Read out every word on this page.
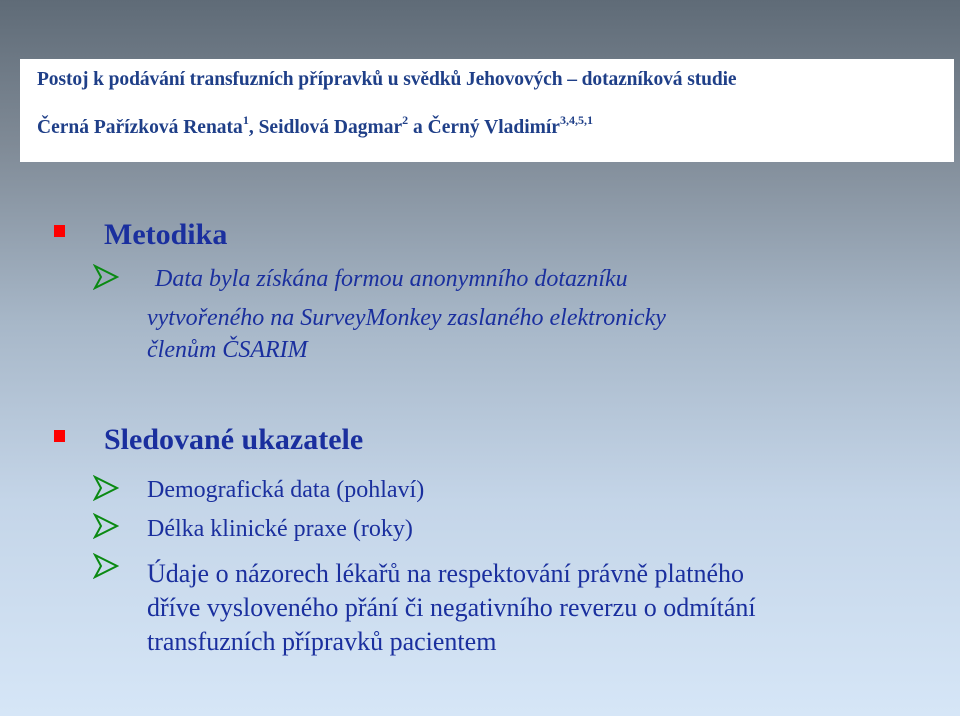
Postoj k podávání transfuzních přípravků u svědků Jehovových – dotazníková studie
Černá Pařízková Renata$^1$, Seidlová Dagmar$^2$ a Černý Vladimír$^{3,4,5,1}$
Metodika
Data byla získána formou anonymního dotazníku
vytvořeného na SurveyMonkey zaslaného elektronicky
členům ČSARIM
Sledované ukazatele
Demografická data (pohlaví)
Délka klinické praxe (roky)
Údaje o názorech lékařů na respektování právně platného
dříve vysloveného přání či negativního reverzu o odmítání
transfuzních přípravků pacientem
